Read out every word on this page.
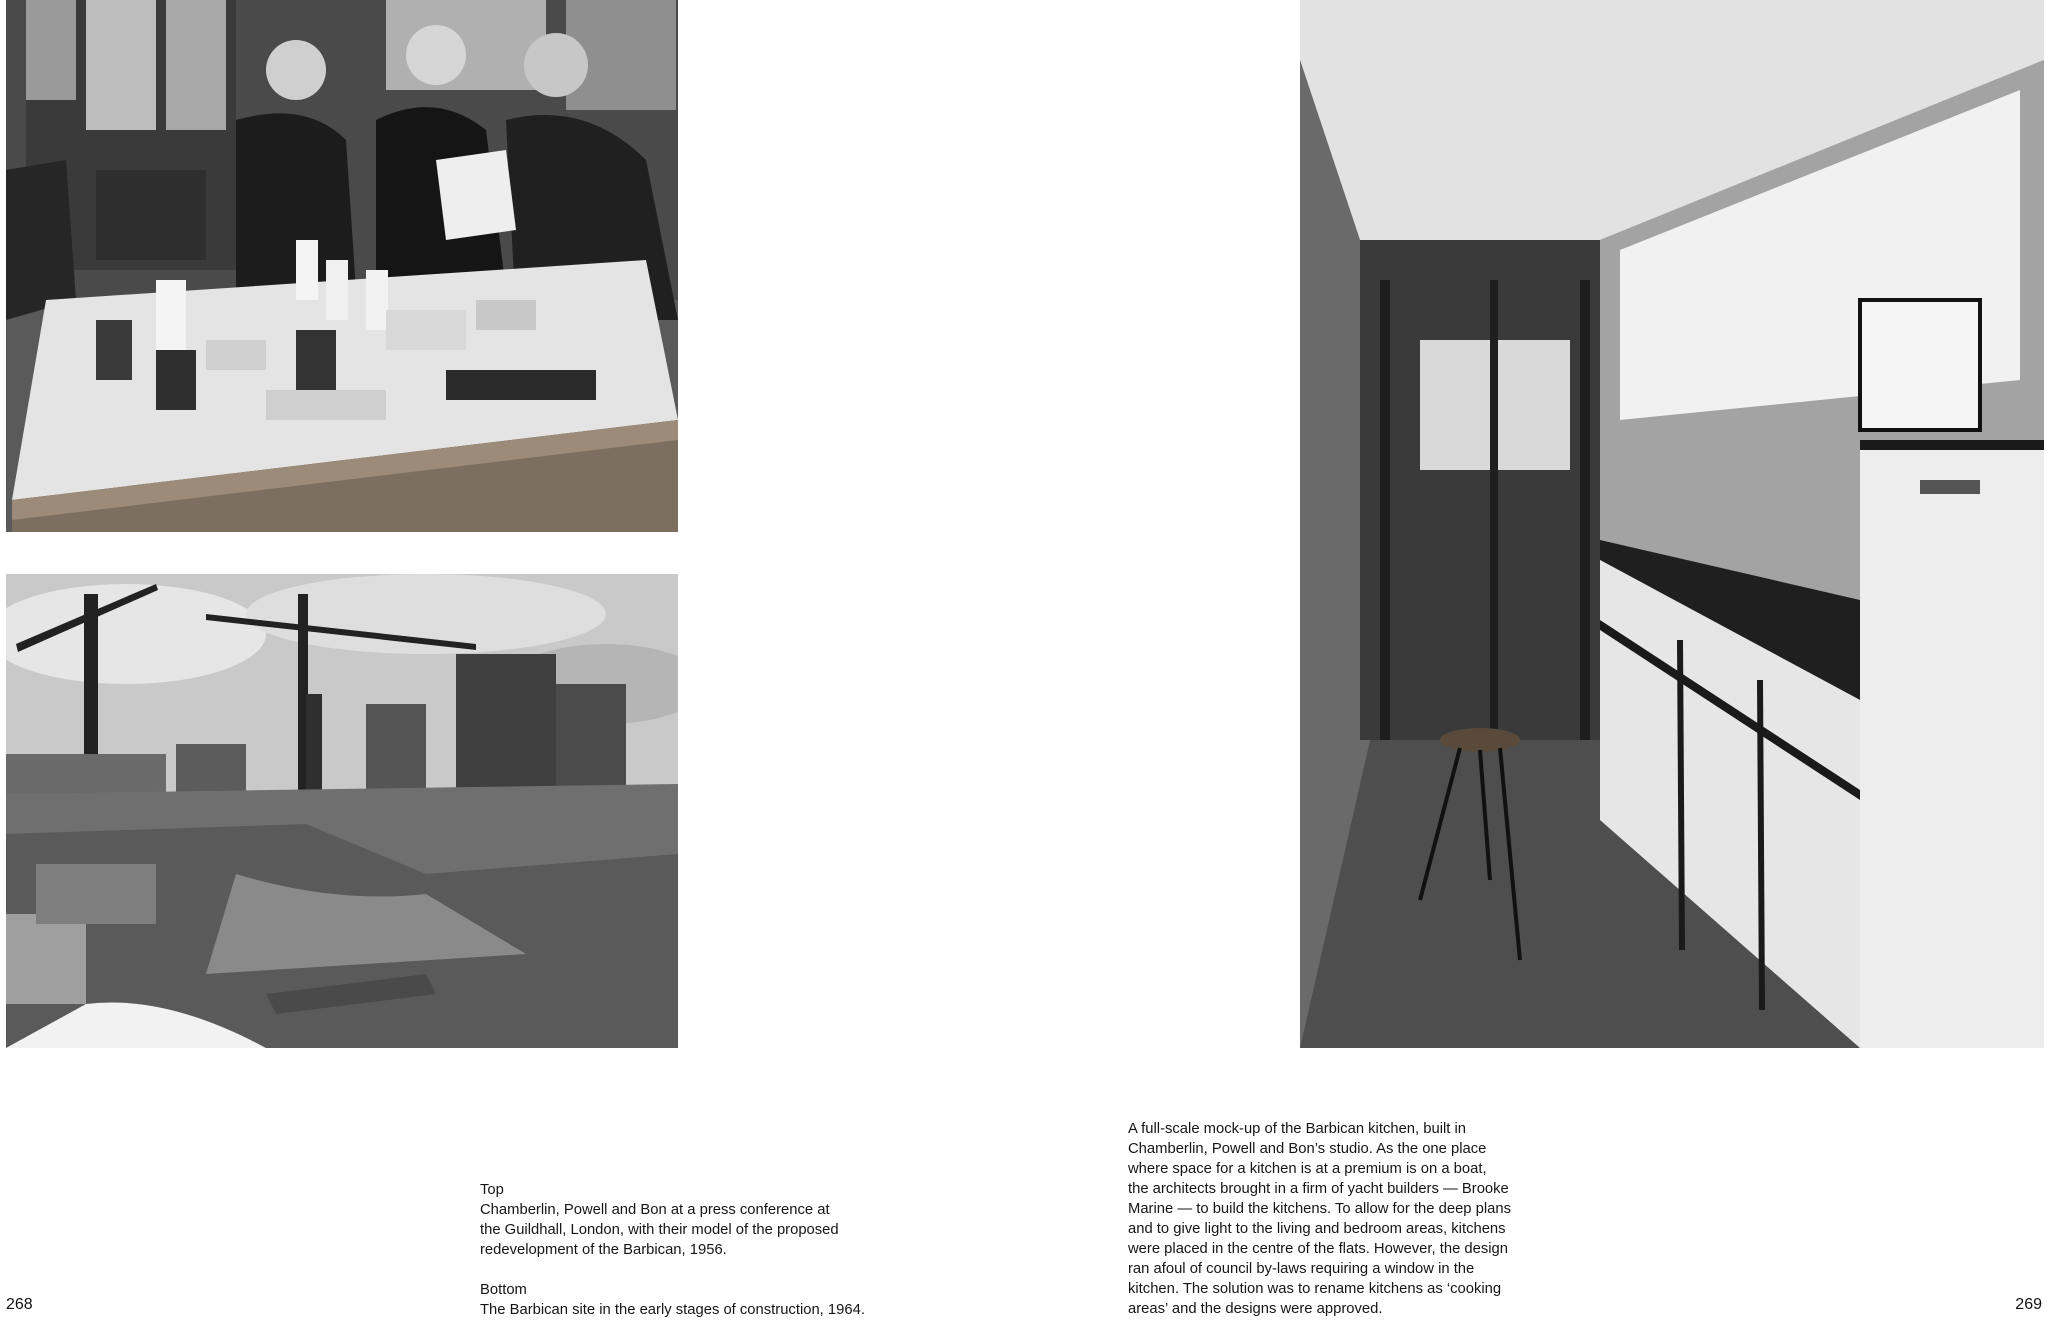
Top

Chamberlin, Powell and Bon at a press conference at

the Guildhall, London, with their model of the proposed

redevelopment of the Barbican, 1956.

Bottom

The Barbican site in the early stages of construction, 1964.

268

A full-scale mock-up of the Barbican kitchen, built in

Chamberlin, Powell and Bon’s studio. As the one place

where space for a kitchen is at a premium is on a boat,

the architects brought in a firm of yacht builders — Brooke

Marine — to build the kitchens. To allow for the deep plans

and to give light to the living and bedroom areas, kitchens

were placed in the centre of the flats. However, the design

ran afoul of council by-laws requiring a window in the

kitchen. The solution was to rename kitchens as ‘cooking

areas’ and the designs were approved.	269
